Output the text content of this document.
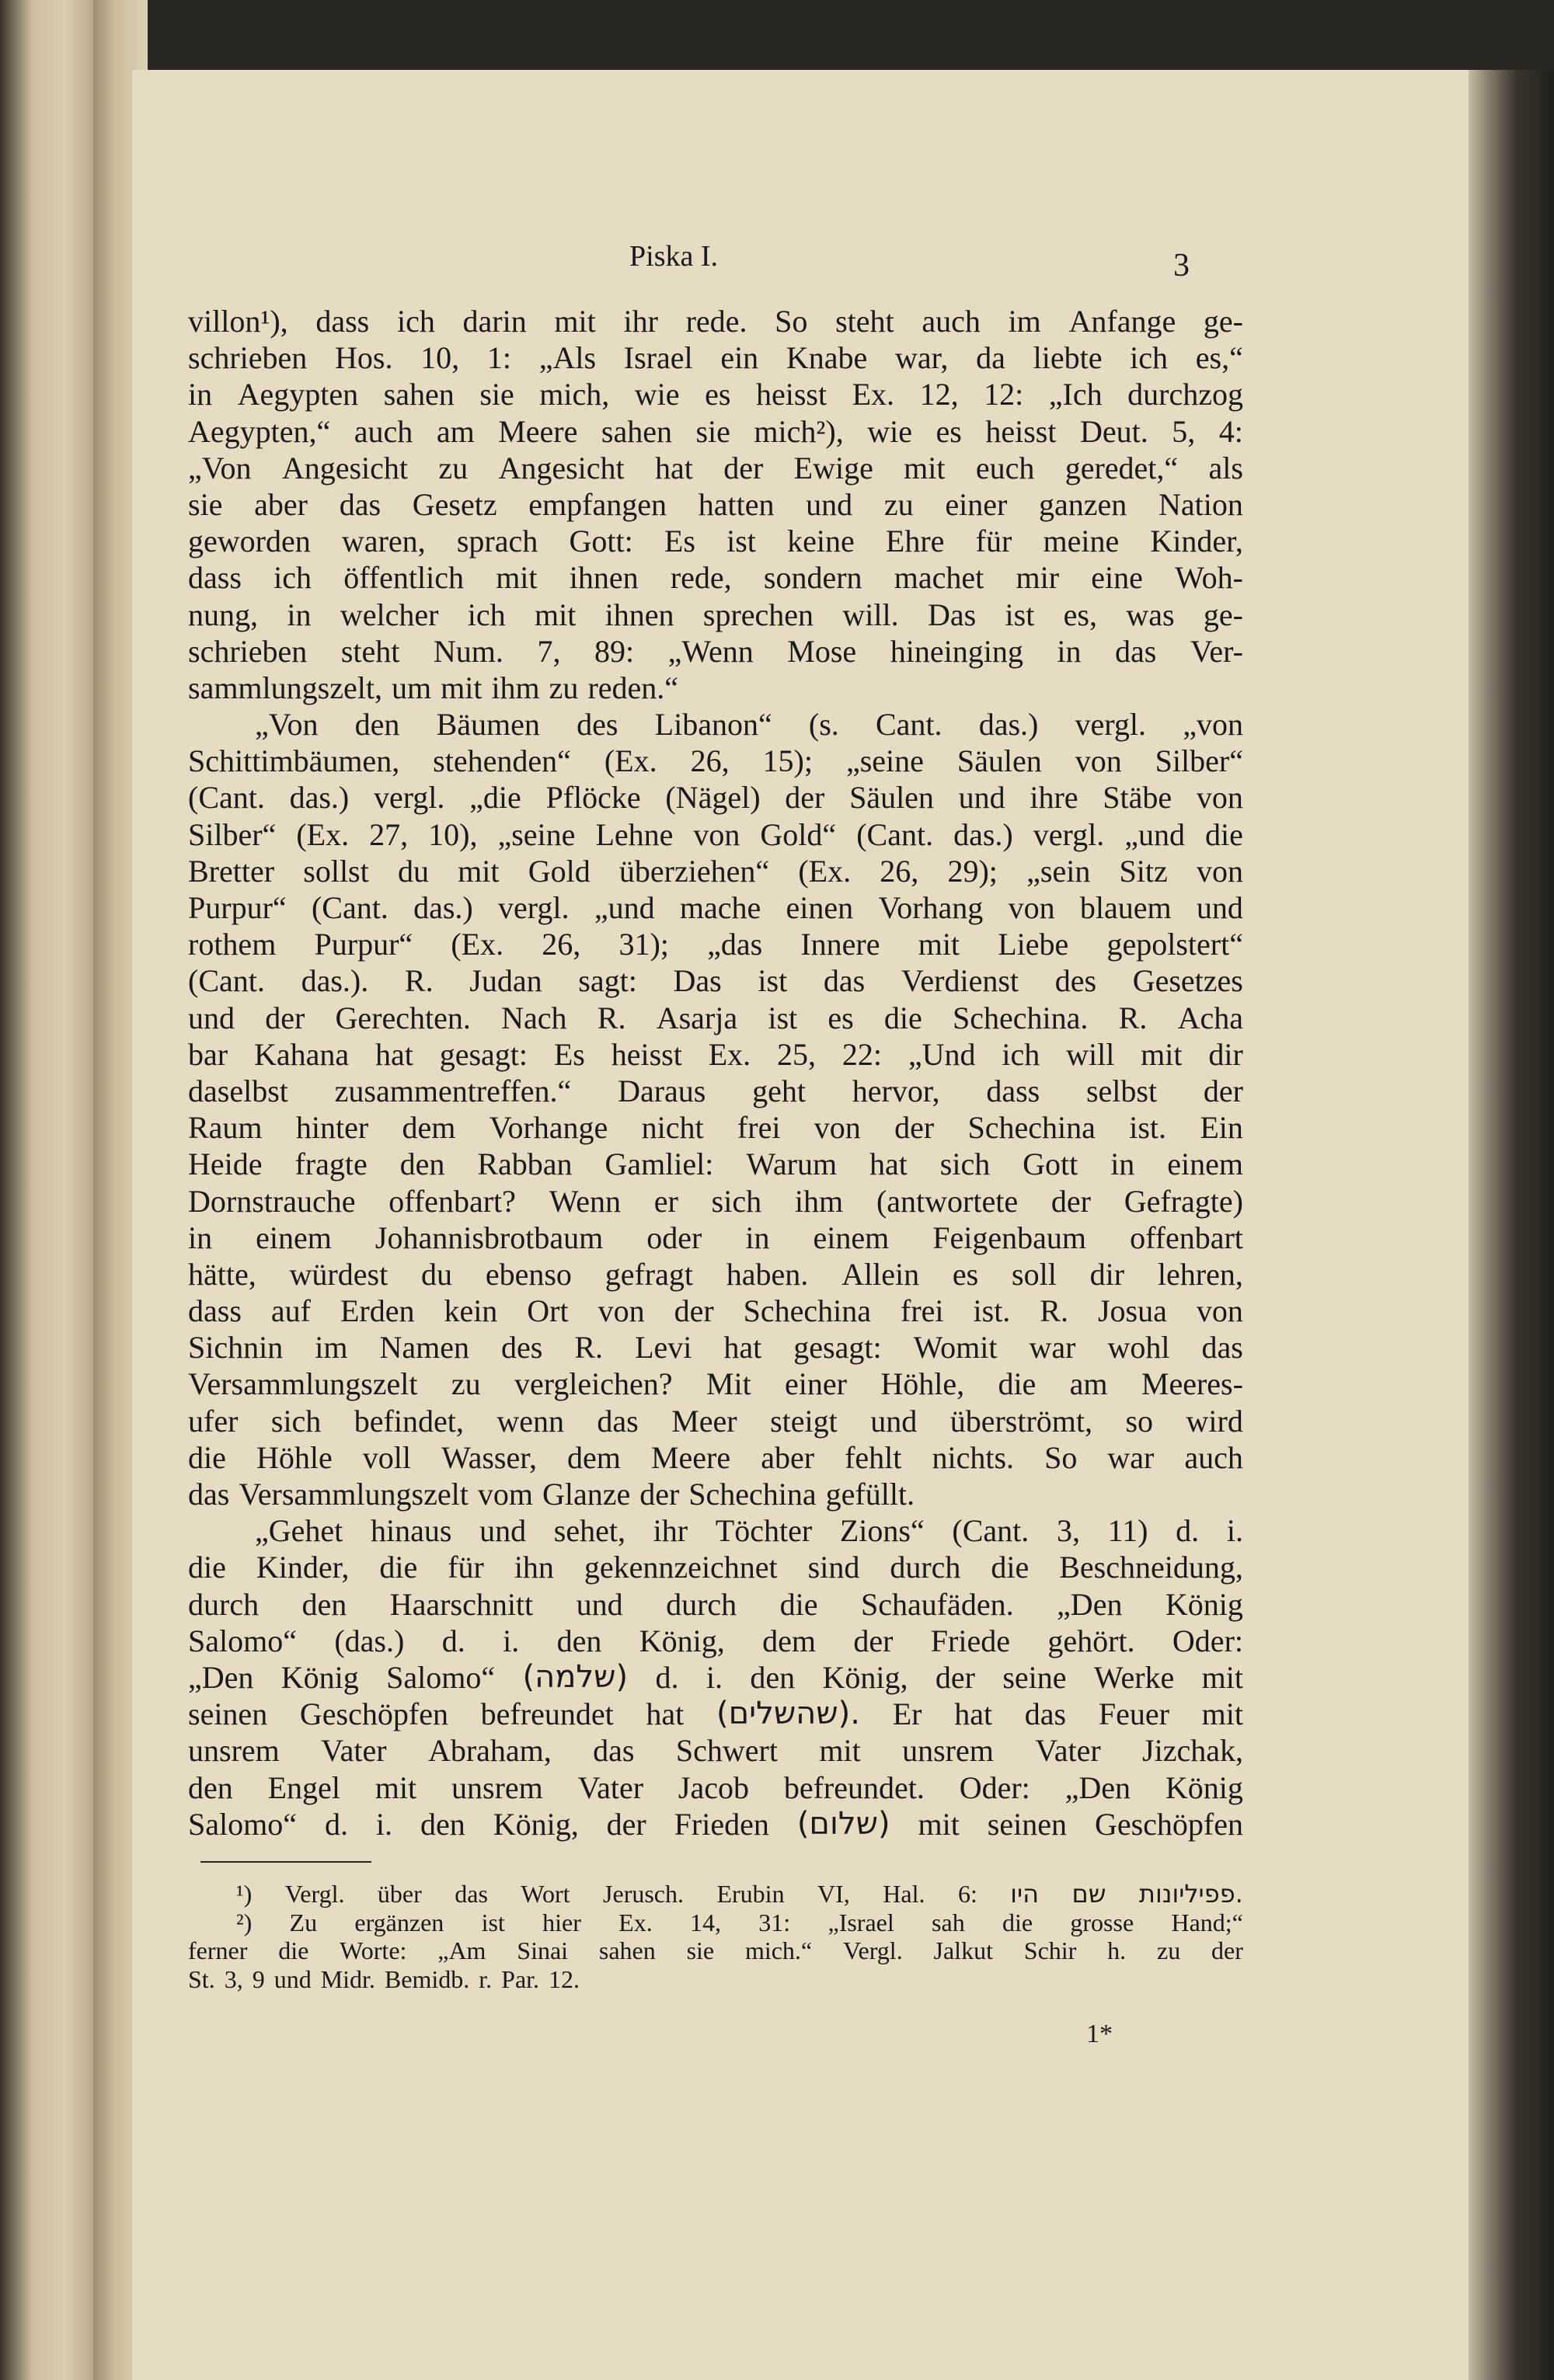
Piska I.	3
villon¹), dass ich darin mit ihr rede. So steht auch im Anfange ge-
schrieben Hos. 10, 1: „Als Israel ein Knabe war, da liebte ich es,“
in Aegypten sahen sie mich, wie es heisst Ex. 12, 12: „Ich durchzog
Aegypten,“ auch am Meere sahen sie mich²), wie es heisst Deut. 5, 4:
„Von Angesicht zu Angesicht hat der Ewige mit euch geredet,“ als
sie aber das Gesetz empfangen hatten und zu einer ganzen Nation
geworden waren, sprach Gott: Es ist keine Ehre für meine Kinder,
dass ich öffentlich mit ihnen rede, sondern machet mir eine Woh-
nung, in welcher ich mit ihnen sprechen will. Das ist es, was ge-
schrieben steht Num. 7, 89: „Wenn Mose hineinging in das Ver-
sammlungszelt, um mit ihm zu reden.“
„Von den Bäumen des Libanon“ (s. Cant. das.) vergl. „von
Schittimbäumen, stehenden“ (Ex. 26, 15); „seine Säulen von Silber“
(Cant. das.) vergl. „die Pflöcke (Nägel) der Säulen und ihre Stäbe von
Silber“ (Ex. 27, 10), „seine Lehne von Gold“ (Cant. das.) vergl. „und die
Bretter sollst du mit Gold überziehen“ (Ex. 26, 29); „sein Sitz von
Purpur“ (Cant. das.) vergl. „und mache einen Vorhang von blauem und
rothem Purpur“ (Ex. 26, 31); „das Innere mit Liebe gepolstert“
(Cant. das.). R. Judan sagt: Das ist das Verdienst des Gesetzes
und der Gerechten. Nach R. Asarja ist es die Schechina. R. Acha
bar Kahana hat gesagt: Es heisst Ex. 25, 22: „Und ich will mit dir
daselbst zusammentreffen.“ Daraus geht hervor, dass selbst der
Raum hinter dem Vorhange nicht frei von der Schechina ist. Ein
Heide fragte den Rabban Gamliel: Warum hat sich Gott in einem
Dornstrauche offenbart? Wenn er sich ihm (antwortete der Gefragte)
in einem Johannisbrotbaum oder in einem Feigenbaum offenbart
hätte, würdest du ebenso gefragt haben. Allein es soll dir lehren,
dass auf Erden kein Ort von der Schechina frei ist. R. Josua von
Sichnin im Namen des R. Levi hat gesagt: Womit war wohl das
Versammlungszelt zu vergleichen? Mit einer Höhle, die am Meeres-
ufer sich befindet, wenn das Meer steigt und überströmt, so wird
die Höhle voll Wasser, dem Meere aber fehlt nichts. So war auch
das Versammlungszelt vom Glanze der Schechina gefüllt.
„Gehet hinaus und sehet, ihr Töchter Zions“ (Cant. 3, 11) d. i.
die Kinder, die für ihn gekennzeichnet sind durch die Beschneidung,
durch den Haarschnitt und durch die Schaufäden. „Den König
Salomo“ (das.) d. i. den König, dem der Friede gehört. Oder:
„Den König Salomo“ (שלמה) d. i. den König, der seine Werke mit
seinen Geschöpfen befreundet hat (שהשלים). Er hat das Feuer mit
unsrem Vater Abraham, das Schwert mit unsrem Vater Jizchak,
den Engel mit unsrem Vater Jacob befreundet. Oder: „Den König
Salomo“ d. i. den König, der Frieden (שלום) mit seinen Geschöpfen
¹) Vergl. über das Wort Jerusch. Erubin VI, Hal. 6: היו שם פפיליונות.
²) Zu ergänzen ist hier Ex. 14, 31: „Israel sah die grosse Hand;“
ferner die Worte: „Am Sinai sahen sie mich.“ Vergl. Jalkut Schir h. zu der
St. 3, 9 und Midr. Bemidb. r. Par. 12.
1*
